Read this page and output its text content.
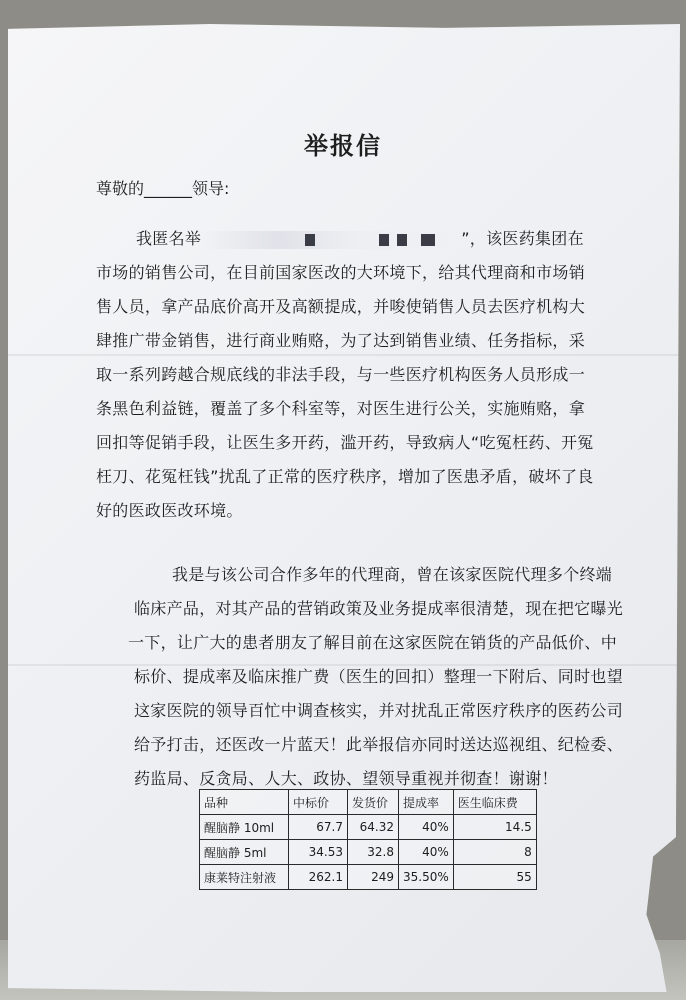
举报信
尊敬的______领导:
我匿名举	”，该医药集团在
市场的销售公司，在目前国家医改的大环境下，给其代理商和市场销
售人员，拿产品底价高开及高额提成，并唆使销售人员去医疗机构大
肆推广带金销售，进行商业贿赂，为了达到销售业绩、任务指标，采
取一系列跨越合规底线的非法手段，与一些医疗机构医务人员形成一
条黑色利益链，覆盖了多个科室等，对医生进行公关，实施贿赂，拿
回扣等促销手段，让医生多开药，滥开药，导致病人“吃冤枉药、开冤
枉刀、花冤枉钱”扰乱了正常的医疗秩序，增加了医患矛盾，破坏了良
好的医政医改环境。
我是与该公司合作多年的代理商，曾在该家医院代理多个终端
临床产品，对其产品的营销政策及业务提成率很清楚，现在把它曝光
一下，让广大的患者朋友了解目前在这家医院在销货的产品低价、中
标价、提成率及临床推广费（医生的回扣）整理一下附后、同时也望
这家医院的领导百忙中调查核实，并对扰乱正常医疗秩序的医药公司
给予打击，还医改一片蓝天！此举报信亦同时送达巡视组、纪检委、
药监局、反贪局、人大、政协、望领导重视并彻查！谢谢！
品种	中标价	发货价	提成率	医生临床费
醒脑静 10ml	67.7	64.32	40%	14.5
醒脑静 5ml	34.53	32.8	40%	8
康莱特注射液	262.1	249	35.50%	55
